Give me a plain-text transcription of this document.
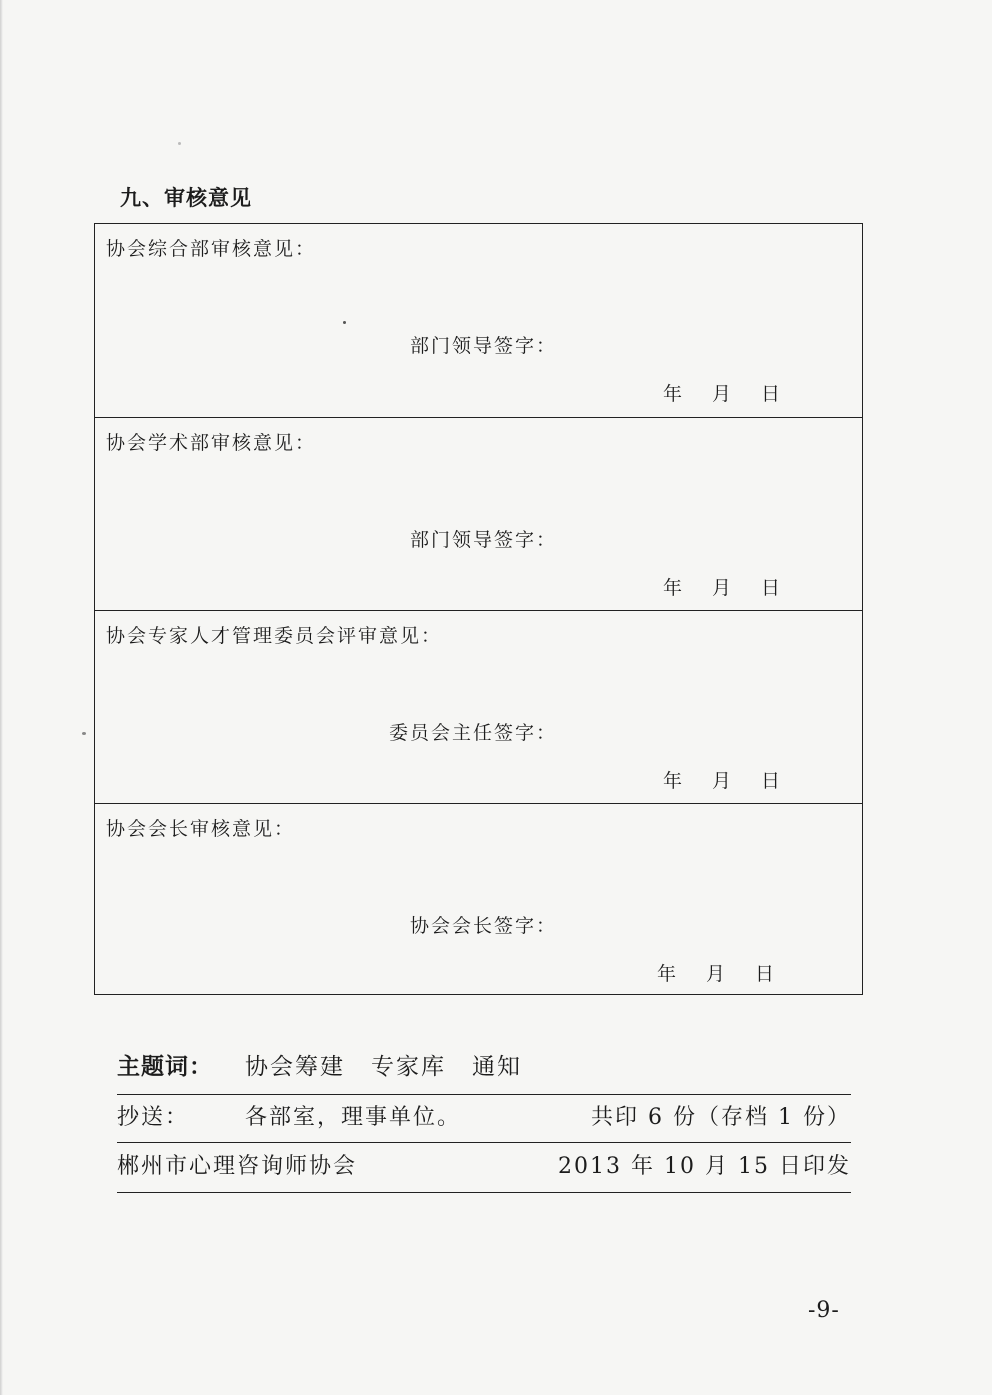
九、审核意见
协会综合部审核意见：
部门领导签字：
年 月 日
协会学术部审核意见：
部门领导签字：
年 月 日
协会专家人才管理委员会评审意见：
委员会主任签字：
年 月 日
协会会长审核意见：
协会会长签字：
年 月 日
主题词： 协会筹建 专家库 通知
抄送：	各部室，理事单位。	共印 6 份（存档 1 份）
郴州市心理咨询师协会	2013 年 10 月 15 日印发
-9-
